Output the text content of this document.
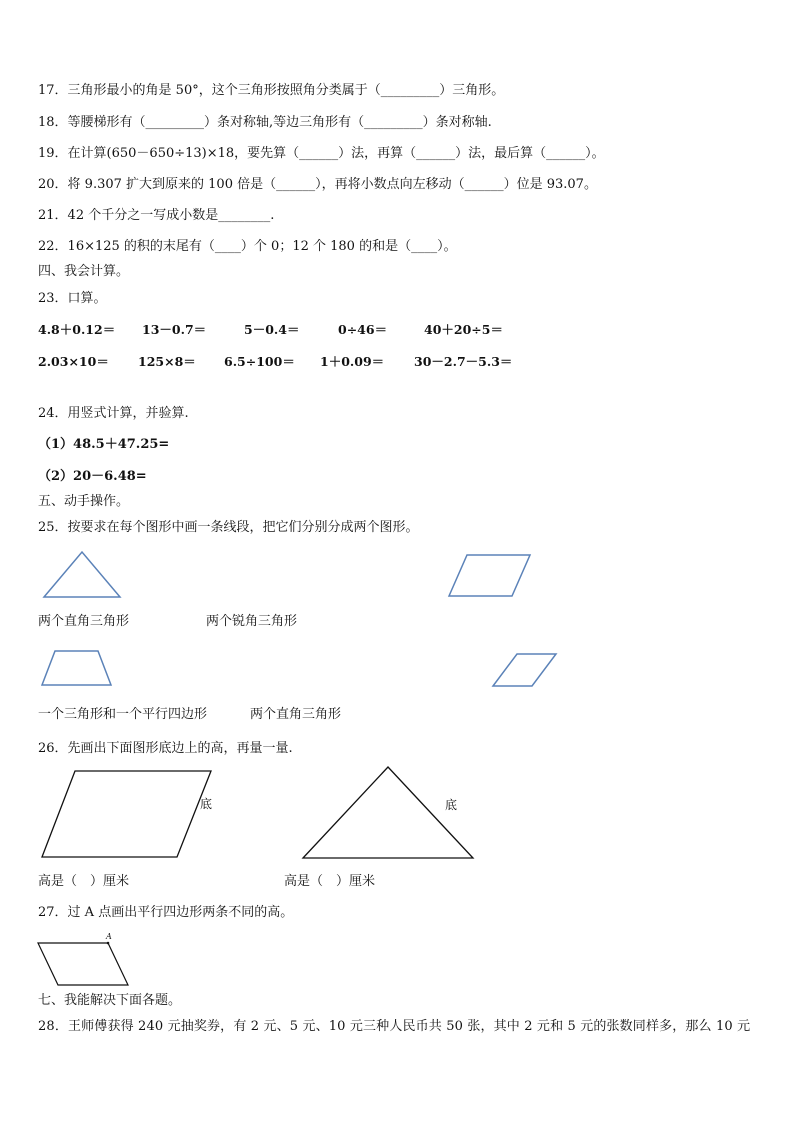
17．三角形最小的角是 50°，这个三角形按照角分类属于（_________）三角形。
18．等腰梯形有（_________）条对称轴,等边三角形有（_________）条对称轴.
19．在计算(650－650÷13)×18，要先算（______）法，再算（______）法，最后算（______）。
20．将 9.307 扩大到原来的 100 倍是（______），再将小数点向左移动（______）位是 93.07。
21．42 个千分之一写成小数是________.
22．16×125 的积的末尾有（____）个 0；12 个 180 的和是（____）。
四、我会计算。
23．口算。
4.8＋0.12＝ 13－0.7＝	5－0.4＝	0÷46＝	40＋20÷5＝
2.03×10＝ 125×8＝ 6.5÷100＝ 1＋0.09＝ 30－2.7－5.3＝
24．用竖式计算，并验算.
（1）48.5＋47.25=
（2）20－6.48=
五、动手操作。
25．按要求在每个图形中画一条线段，把它们分别分成两个图形。
两个直角三角形	两个锐角三角形
一个三角形和一个平行四边形	两个直角三角形
26．先画出下面图形底边上的高，再量一量.
底	底
高是（　）厘米	高是（　）厘米
27．过 A 点画出平行四边形两条不同的高。
A
七、我能解决下面各题。
28．王师傅获得 240 元抽奖券，有 2 元、5 元、10 元三种人民币共 50 张，其中 2 元和 5 元的张数同样多，那么 10 元
